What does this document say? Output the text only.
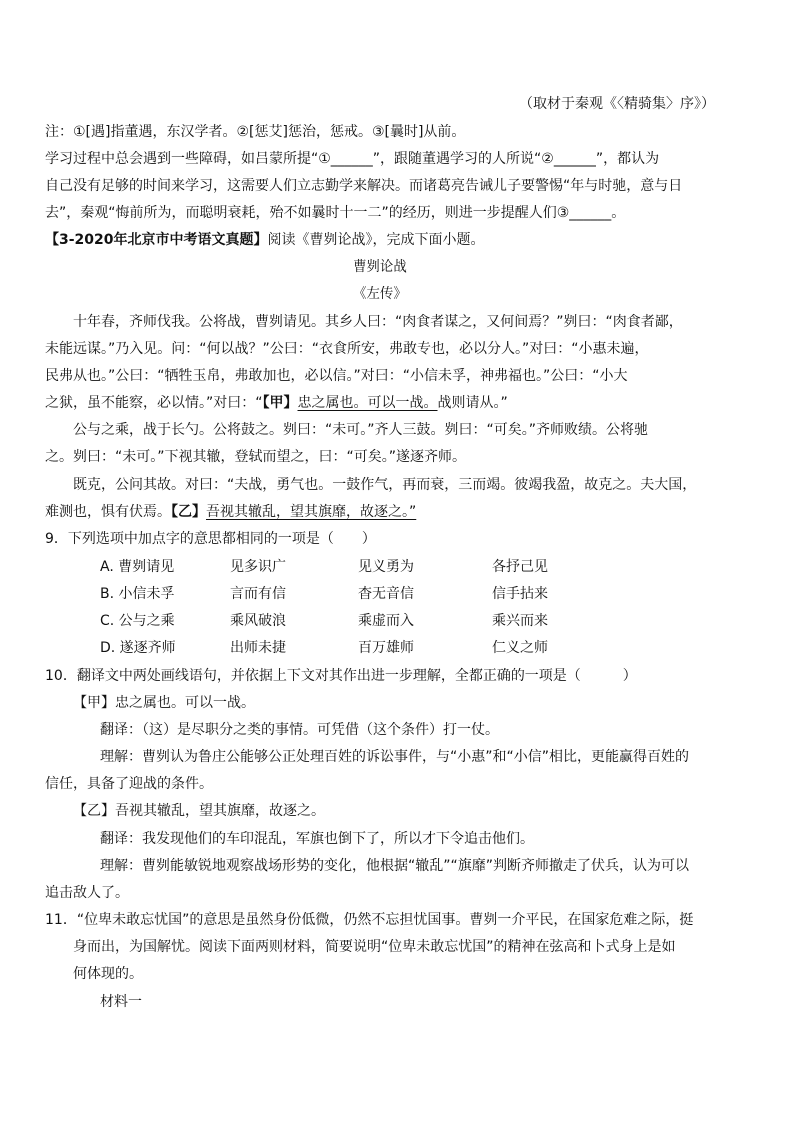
（取材于秦观《〈精骑集〉序》）
注：①[遇]指董遇，东汉学者。②[惩艾]惩治，惩戒。③[曩时]从前。
学习过程中总会遇到一些障碍，如吕蒙所提“①______”，跟随董遇学习的人所说“②______”，都认为
自己没有足够的时间来学习，这需要人们立志勤学来解决。而诸葛亮告诫儿子要警惕“年与时驰，意与日
去”，秦观“悔前所为，而聪明衰耗，殆不如曩时十一二”的经历，则进一步提醒人们③______。
【3-2020年北京市中考语文真题】阅读《曹刿论战》，完成下面小题。
曹刿论战
《左传》
十年春，齐师伐我。公将战，曹刿请见。其乡人曰：“肉食者谋之，又何间焉？”刿曰：“肉食者鄙，
未能远谋。”乃入见。问：“何以战？”公曰：“衣食所安，弗敢专也，必以分人。”对曰：“小惠未遍，
民弗从也。”公曰：“牺牲玉帛，弗敢加也，必以信。”对曰：“小信未孚，神弗福也。”公曰：“小大
之狱，虽不能察，必以情。”对曰：“【甲】忠之属也。可以一战。战则请从。”
公与之乘，战于长勺。公将鼓之。刿曰：“未可。”齐人三鼓。刿曰：“可矣。”齐师败绩。公将驰
之。刿曰：“未可。”下视其辙，登轼而望之，曰：“可矣。”遂逐齐师。
既克，公问其故。对曰：“夫战，勇气也。一鼓作气，再而衰，三而竭。彼竭我盈，故克之。夫大国，
难测也，惧有伏焉。【乙】吾视其辙乱，望其旗靡，故逐之。”
9．下列选项中加点字的意思都相同的一项是（　　）
A. 曹刿请见	见多识广	见义勇为	各抒己见
B. 小信未孚	言而有信	杳无音信	信手拈来
C. 公与之乘	乘风破浪	乘虚而入	乘兴而来
D. 遂逐齐师	出师未捷	百万雄师	仁义之师
10．翻译文中两处画线语句，并依据上下文对其作出进一步理解，全都正确的一项是（　　　）
【甲】忠之属也。可以一战。
翻译：（这）是尽职分之类的事情。可凭借（这个条件）打一仗。
理解：曹刿认为鲁庄公能够公正处理百姓的诉讼事件，与“小惠”和“小信”相比，更能赢得百姓的
信任，具备了迎战的条件。
【乙】吾视其辙乱，望其旗靡，故逐之。
翻译：我发现他们的车印混乱，军旗也倒下了，所以才下令追击他们。
理解：曹刿能敏锐地观察战场形势的变化，他根据“辙乱”“旗靡”判断齐师撤走了伏兵，认为可以
追击敌人了。
11．“位卑未敢忘忧国”的意思是虽然身份低微，仍然不忘担忧国事。曹刿一介平民，在国家危难之际，挺
身而出，为国解忧。阅读下面两则材料，简要说明“位卑未敢忘忧国”的精神在弦高和卜式身上是如
何体现的。
材料一
